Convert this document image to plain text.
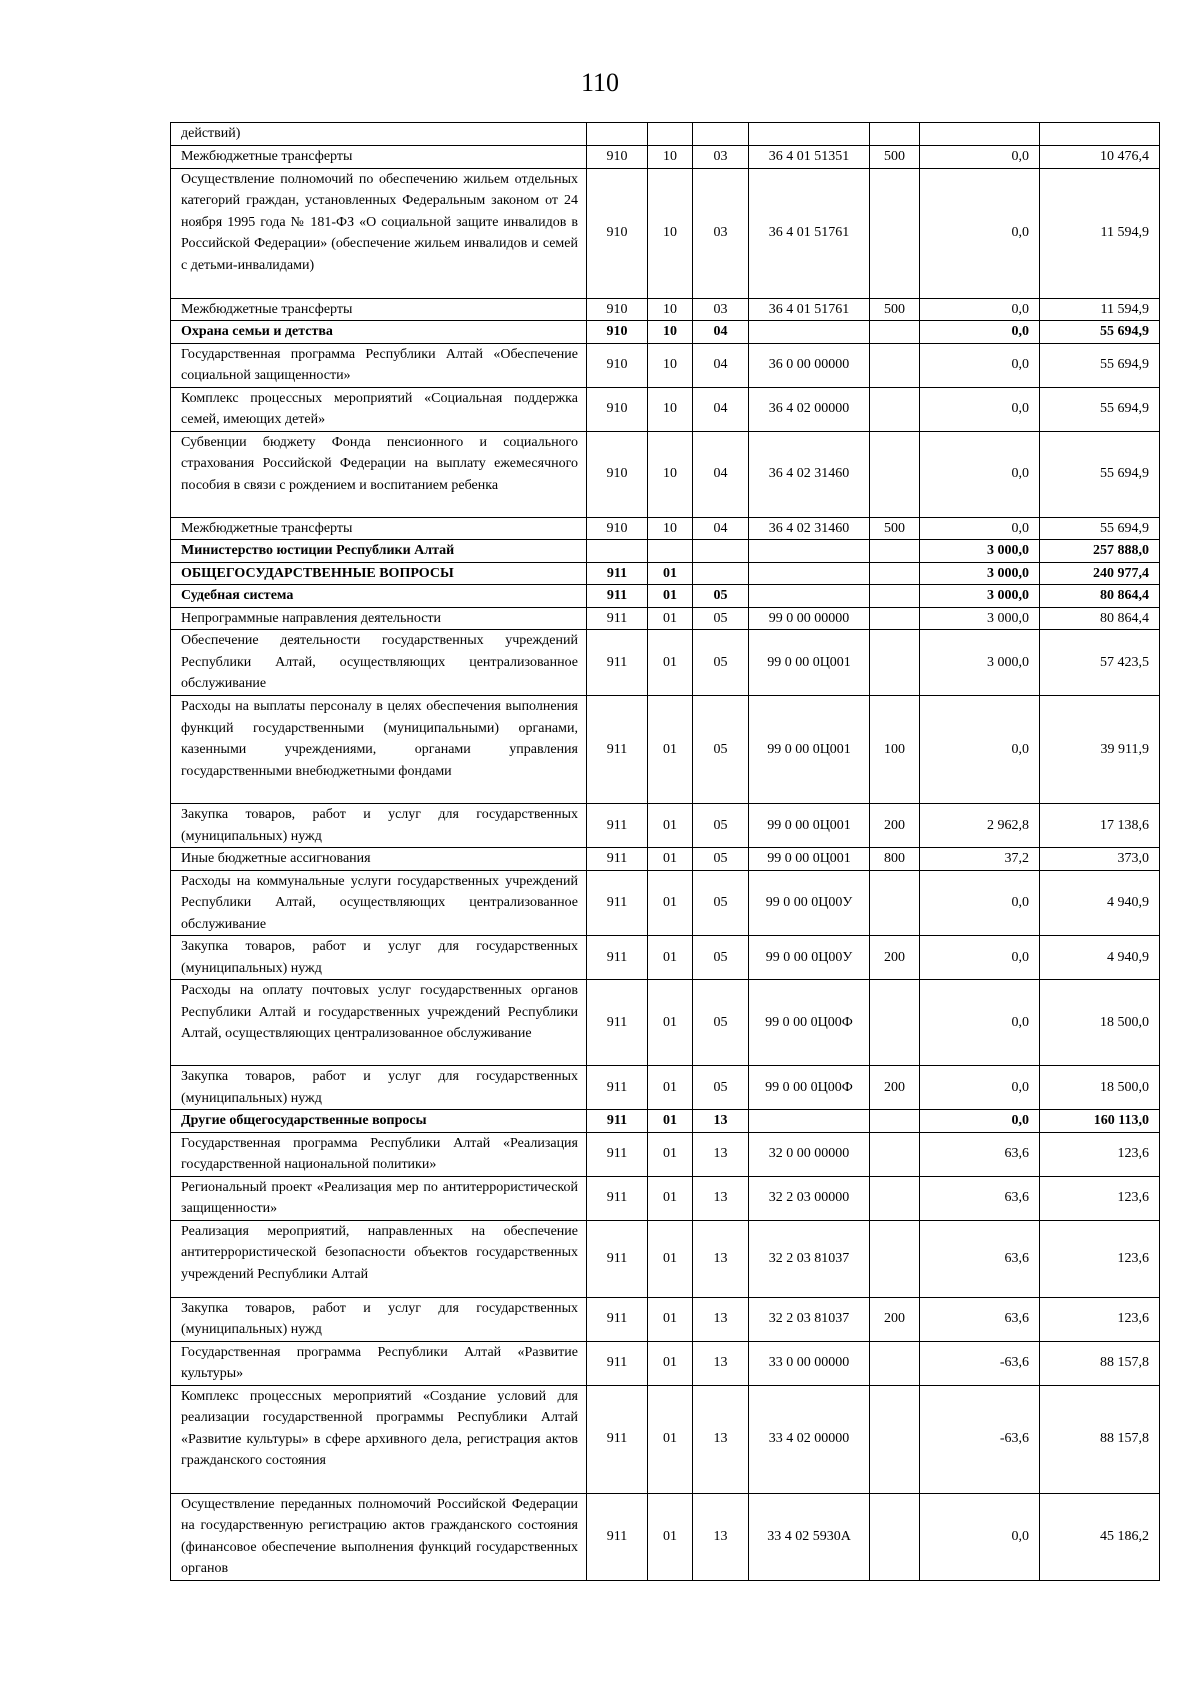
110
действий)							
Межбюджетные трансферты	910	10	03	36 4 01 51351	500	0,0	10 476,4
Осуществление полномочий по обеспечению жильем отдельных категорий граждан, установленных Федеральным законом от 24 ноября 1995 года № 181-ФЗ «О социальной защите инвалидов в Российской Федерации» (обеспечение жильем инвалидов и семей с детьми-инвалидами)	910	10	03	36 4 01 51761		0,0	11 594,9
Межбюджетные трансферты	910	10	03	36 4 01 51761	500	0,0	11 594,9
Охрана семьи и детства	910	10	04			0,0	55 694,9
Государственная программа Республики Алтай «Обеспечение социальной защищенности»	910	10	04	36 0 00 00000		0,0	55 694,9
Комплекс процессных мероприятий «Социальная поддержка семей, имеющих детей»	910	10	04	36 4 02 00000		0,0	55 694,9
Субвенции бюджету Фонда пенсионного и социального страхования Российской Федерации на выплату ежемесячного пособия в связи с рождением и воспитанием ребенка	910	10	04	36 4 02 31460		0,0	55 694,9
Межбюджетные трансферты	910	10	04	36 4 02 31460	500	0,0	55 694,9
Министерство юстиции Республики Алтай						3 000,0	257 888,0
ОБЩЕГОСУДАРСТВЕННЫЕ ВОПРОСЫ	911	01				3 000,0	240 977,4
Судебная система	911	01	05			3 000,0	80 864,4
Непрограммные направления деятельности	911	01	05	99 0 00 00000		3 000,0	80 864,4
Обеспечение деятельности государственных учреждений Республики Алтай, осуществляющих централизованное обслуживание	911	01	05	99 0 00 0Ц001		3 000,0	57 423,5
Расходы на выплаты персоналу в целях обеспечения выполнения функций государственными (муниципальными) органами, казенными учреждениями, органами управления государственными внебюджетными фондами	911	01	05	99 0 00 0Ц001	100	0,0	39 911,9
Закупка товаров, работ и услуг для государственных (муниципальных) нужд	911	01	05	99 0 00 0Ц001	200	2 962,8	17 138,6
Иные бюджетные ассигнования	911	01	05	99 0 00 0Ц001	800	37,2	373,0
Расходы на коммунальные услуги государственных учреждений Республики Алтай, осуществляющих централизованное обслуживание	911	01	05	99 0 00 0Ц00У		0,0	4 940,9
Закупка товаров, работ и услуг для государственных (муниципальных) нужд	911	01	05	99 0 00 0Ц00У	200	0,0	4 940,9
Расходы на оплату почтовых услуг государственных органов Республики Алтай и государственных учреждений Республики Алтай, осуществляющих централизованное обслуживание	911	01	05	99 0 00 0Ц00Ф		0,0	18 500,0
Закупка товаров, работ и услуг для государственных (муниципальных) нужд	911	01	05	99 0 00 0Ц00Ф	200	0,0	18 500,0
Другие общегосударственные вопросы	911	01	13			0,0	160 113,0
Государственная программа Республики Алтай «Реализация государственной национальной политики»	911	01	13	32 0 00 00000		63,6	123,6
Региональный проект «Реализация мер по антитеррористической защищенности»	911	01	13	32 2 03 00000		63,6	123,6
Реализация мероприятий, направленных на обеспечение антитеррористической безопасности объектов государственных учреждений Республики Алтай	911	01	13	32 2 03 81037		63,6	123,6
Закупка товаров, работ и услуг для государственных (муниципальных) нужд	911	01	13	32 2 03 81037	200	63,6	123,6
Государственная программа Республики Алтай «Развитие культуры»	911	01	13	33 0 00 00000		-63,6	88 157,8
Комплекс процессных мероприятий «Создание условий для реализации государственной программы Республики Алтай «Развитие культуры» в сфере архивного дела, регистрация актов гражданского состояния	911	01	13	33 4 02 00000		-63,6	88 157,8
Осуществление переданных полномочий Российской Федерации на государственную регистрацию актов гражданского состояния (финансовое обеспечение выполнения функций государственных органов	911	01	13	33 4 02 5930А		0,0	45 186,2
